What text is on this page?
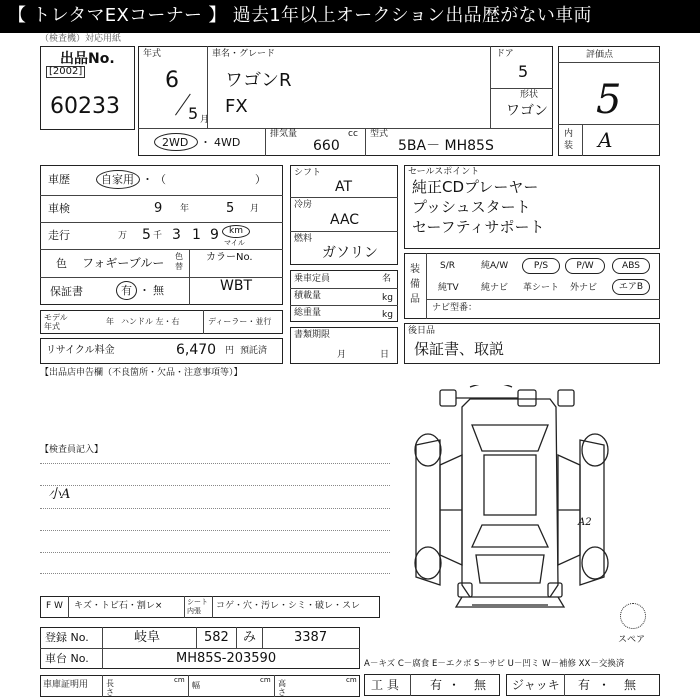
【 トレタマEXコーナー 】 過去1年以上オークション出品歴がない車両
（検査機）対応用紙
出品No.
[2002]
60233
年式
6
5 月
車名・グレード
ワゴンR
FX
ドア
5
形状
ワゴン
2WD ・ 4WD
排気量	cc
660
型式
5BA－ MH85S
評価点
5
内装 A
車歴	自家用 ・ （	）
車検	9 年	5 月
走行	万 5 千 3 1 9 km
マイル
色 フォギーブルー 色替
カラーNo.
保証書	有 ・ 無	WBT
モデル年式
年 ハンドル 左・右	ディーラー・並行
リサイクル料金	6,470 円 預託済
シフト
AT
冷房
AAC
燃料
ガソリン
乗車定員	名
積載量	kg
総重量	kg
書類期限
月	日
セールスポイント
純正CDプレーヤー
プッシュスタート
セーフティサポート
装備品
S/R	純A/W	P/S	P/W	ABS
純TV 純ナビ 革シート 外ナビ	エアB
ナビ型番：
後日品
保証書、取説
【出品店申告欄（不良箇所・欠品・注意事項等）】
【検査員記入】
小A
A2
スペア
F W キズ・トビ石・割レ×	シート 内張	コゲ・穴・汚レ・シミ・破レ・スレ
登録 No.	岐阜	582 み	3387
車台 No.	MH85S-203590
車庫証明用 長さ
cm
幅
cm 高さ
cm
A－キズ C－腐食 E－エクボ S－サビ U－凹ミ W－補修 XX－交換済
工 具	有 ・ 無 ジャッキ 有 ・ 無
